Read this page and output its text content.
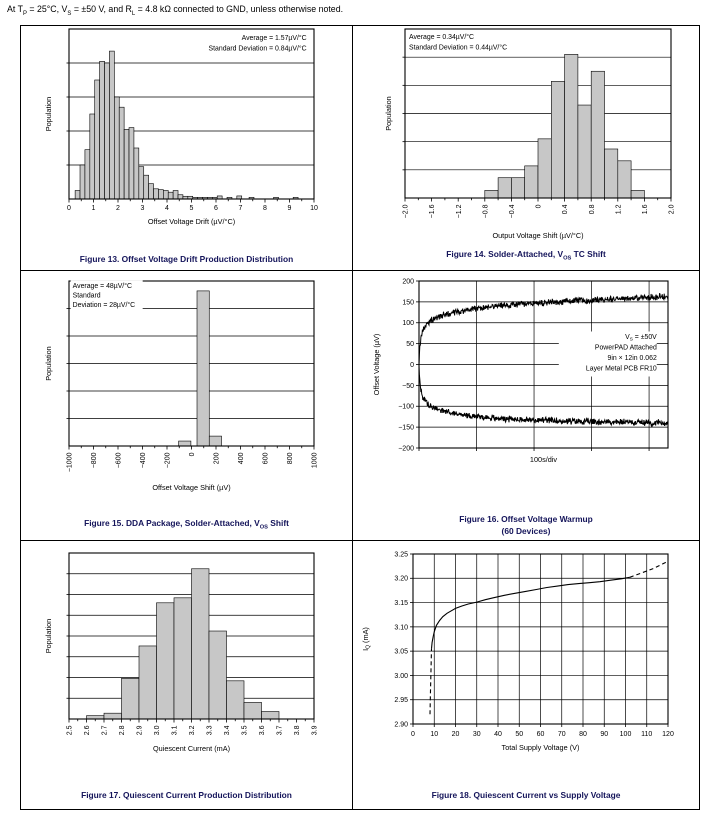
At $T_P = 25^\circ C$, $V_S = \pm 50$ V, and $R_L = 4.8$ kΩ connected to GND, unless otherwise noted.
0	1	2	3	4	5	6	7	8	9	10
Offset Voltage Drift (µV/°C)
Population
Average = 1.57µV/°C
Standard Deviation = 0.84µV/°C
Figure 13. Offset Voltage Drift Production Distribution
−2.0	−1.6	−1.2	−0.8	−0.4	0	0.4	0.8	1.2	1.6	2.0
Output Voltage Shift (µV/°C)
Population
Average = 0.34µV/°C
Standard Deviation = 0.44µV/°C
Figure 14. Solder-Attached, $V_{OS}$ TC Shift
−1000	−800	−600	−400	−200	0	200	400	600	800	1000
Offset Voltage Shift (µV)
Population
Average = 48µV/°C
Standard
Deviation = 28µV/°C
Figure 15. DDA Package, Solder-Attached, $V_{OS}$ Shift
200
150
100
50
0
−50
−100
−150
−200
100s/div
Offset Voltage (µV)	$V_S = \pm 50V$
PowerPAD Attached
9in × 12in 0.062
Layer Metal PCB FR10
Figure 16. Offset Voltage Warmup
(60 Devices)
2.5 2.6 2.7 2.8 2.9 3.0 3.1 3.2 3.3 3.4 3.5 3.6 3.7 3.8 3.9
Quiescent Current (mA)
Population
Figure 17. Quiescent Current Production Distribution
0 10 20 30 40 50 60 70 80 90 100 110 120
3.25
3.20
3.15
3.10
3.05
3.00
2.95
2.90
Total Supply Voltage (V)
$I_Q$ (mA)
Figure 18. Quiescent Current vs Supply Voltage
